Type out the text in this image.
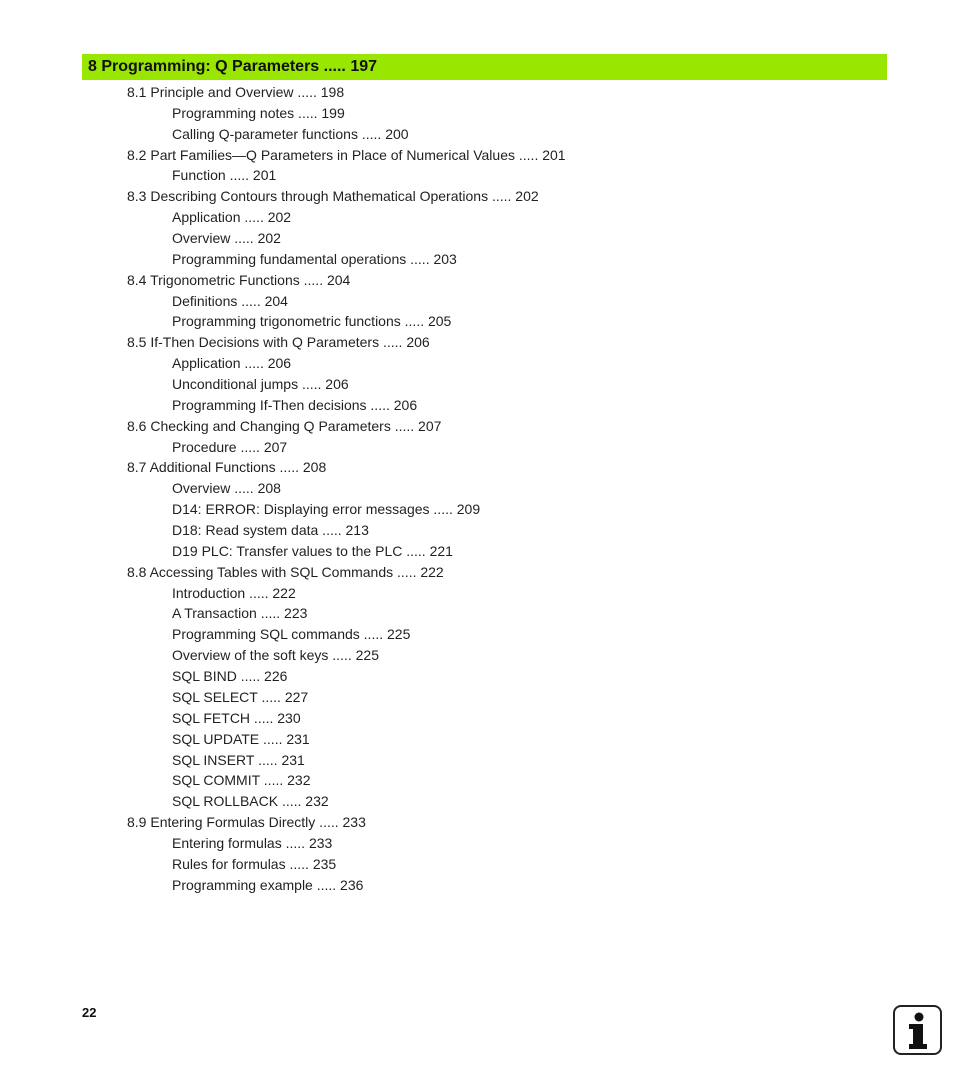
8 Programming: Q Parameters ..... 197
8.1 Principle and Overview ..... 198
Programming notes ..... 199
Calling Q-parameter functions ..... 200
8.2 Part Families—Q Parameters in Place of Numerical Values ..... 201
Function ..... 201
8.3 Describing Contours through Mathematical Operations ..... 202
Application ..... 202
Overview ..... 202
Programming fundamental operations ..... 203
8.4 Trigonometric Functions ..... 204
Definitions ..... 204
Programming trigonometric functions ..... 205
8.5 If-Then Decisions with Q Parameters ..... 206
Application ..... 206
Unconditional jumps ..... 206
Programming If-Then decisions ..... 206
8.6 Checking and Changing Q Parameters ..... 207
Procedure ..... 207
8.7 Additional Functions ..... 208
Overview ..... 208
D14: ERROR: Displaying error messages ..... 209
D18: Read system data ..... 213
D19 PLC: Transfer values to the PLC ..... 221
8.8 Accessing Tables with SQL Commands ..... 222
Introduction ..... 222
A Transaction ..... 223
Programming SQL commands ..... 225
Overview of the soft keys ..... 225
SQL BIND ..... 226
SQL SELECT ..... 227
SQL FETCH ..... 230
SQL UPDATE ..... 231
SQL INSERT ..... 231
SQL COMMIT ..... 232
SQL ROLLBACK ..... 232
8.9 Entering Formulas Directly ..... 233
Entering formulas ..... 233
Rules for formulas ..... 235
Programming example ..... 236
22
